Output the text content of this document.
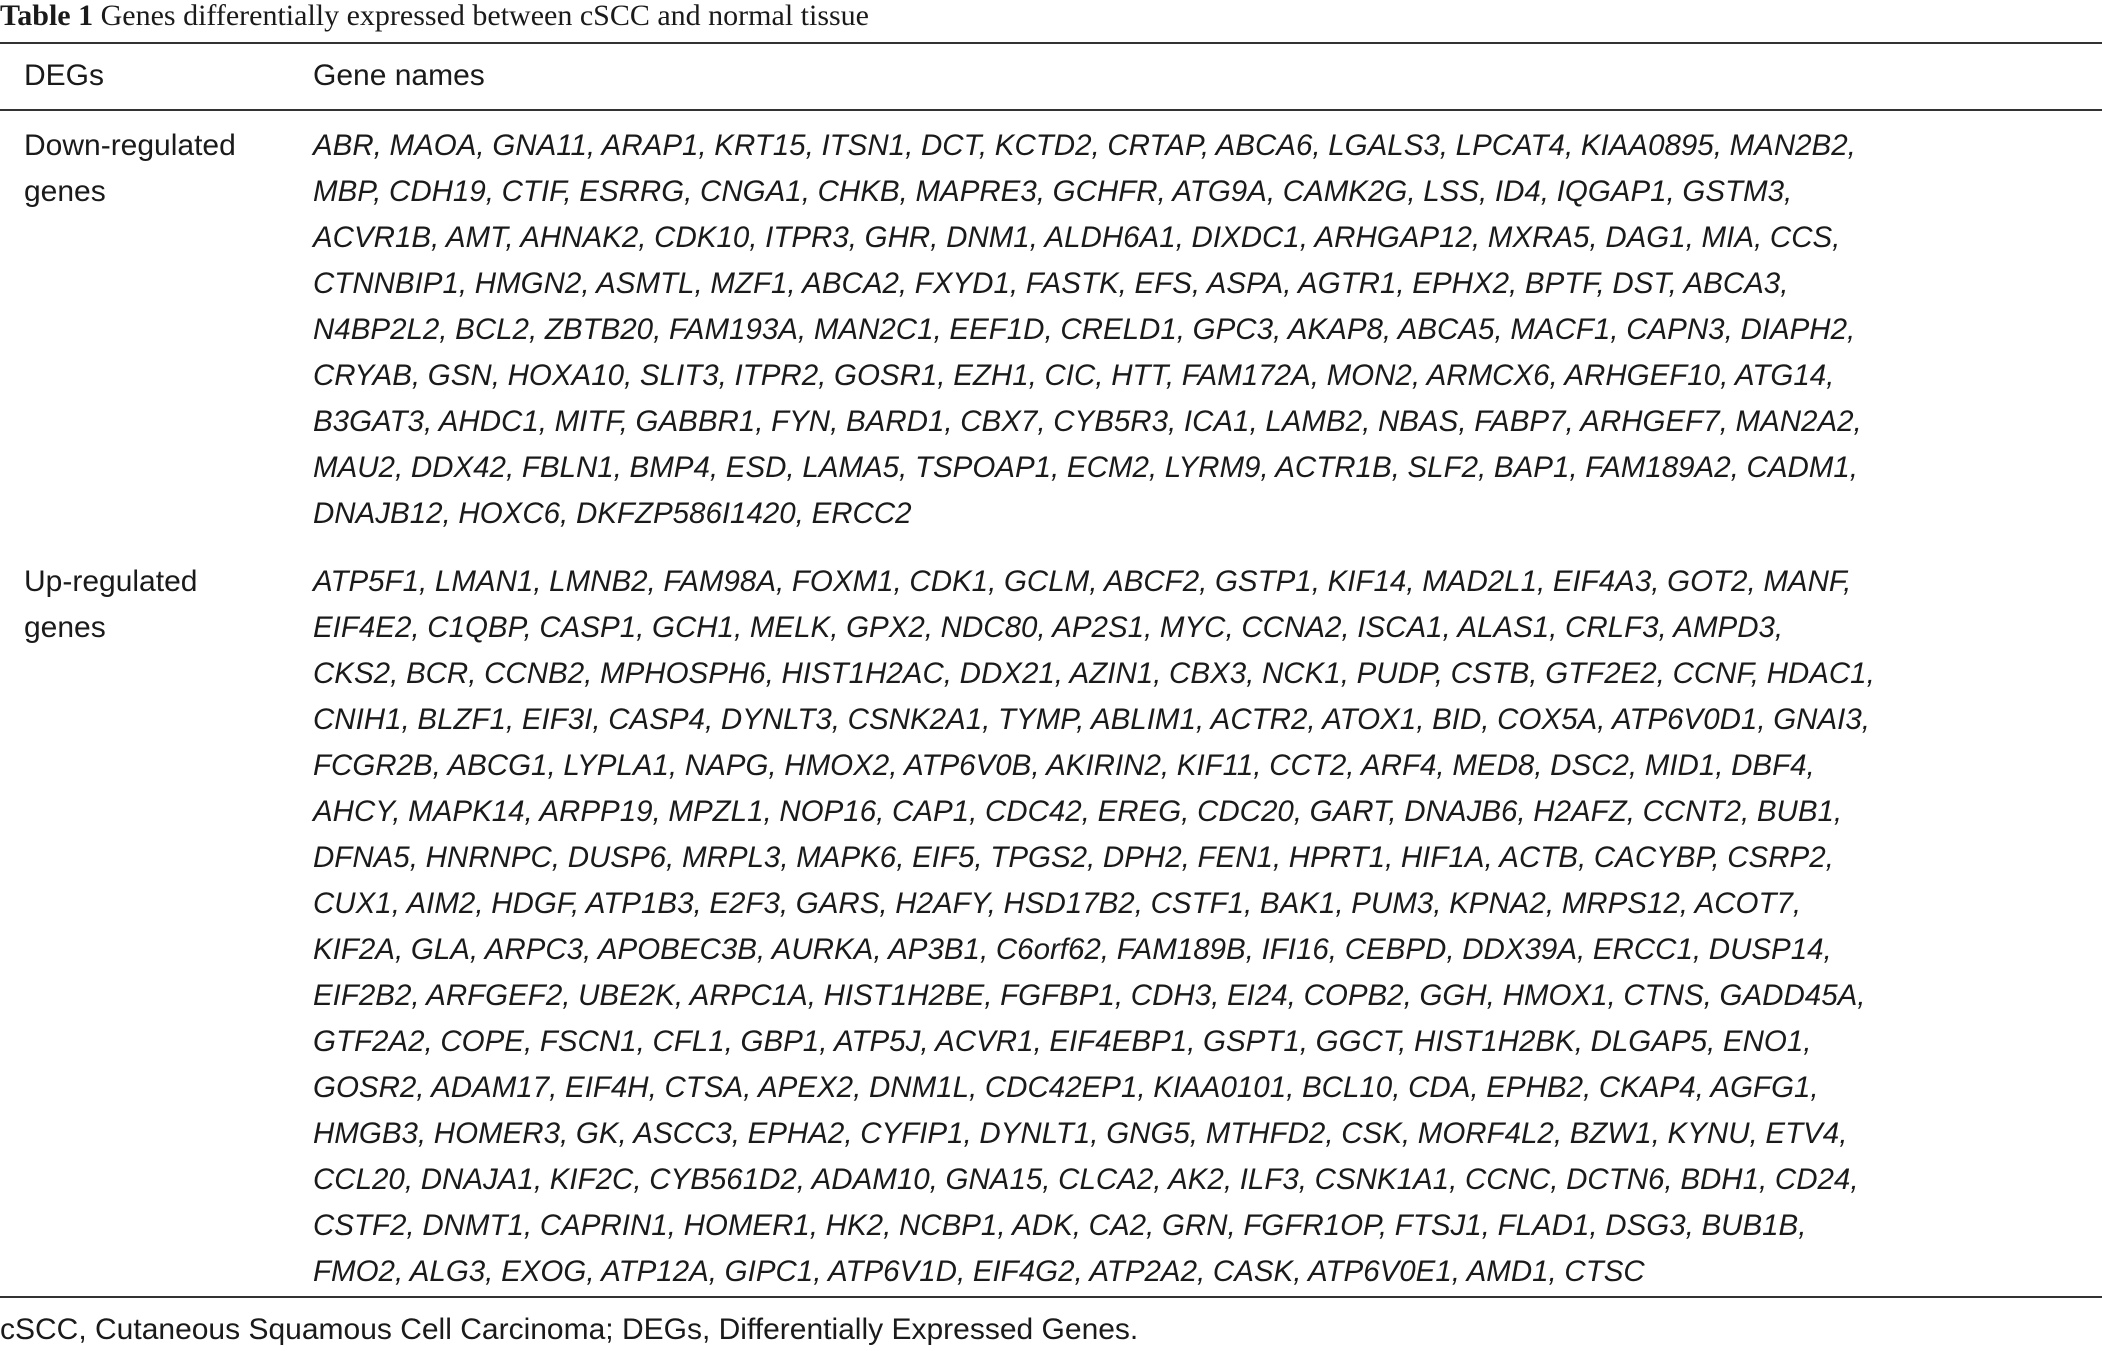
Table 1 Genes differentially expressed between cSCC and normal tissue
DEGs	Gene names
Down-regulated
genes
ABR, MAOA, GNA11, ARAP1, KRT15, ITSN1, DCT, KCTD2, CRTAP, ABCA6, LGALS3, LPCAT4, KIAA0895, MAN2B2,
MBP, CDH19, CTIF, ESRRG, CNGA1, CHKB, MAPRE3, GCHFR, ATG9A, CAMK2G, LSS, ID4, IQGAP1, GSTM3,
ACVR1B, AMT, AHNAK2, CDK10, ITPR3, GHR, DNM1, ALDH6A1, DIXDC1, ARHGAP12, MXRA5, DAG1, MIA, CCS,
CTNNBIP1, HMGN2, ASMTL, MZF1, ABCA2, FXYD1, FASTK, EFS, ASPA, AGTR1, EPHX2, BPTF, DST, ABCA3,
N4BP2L2, BCL2, ZBTB20, FAM193A, MAN2C1, EEF1D, CRELD1, GPC3, AKAP8, ABCA5, MACF1, CAPN3, DIAPH2,
CRYAB, GSN, HOXA10, SLIT3, ITPR2, GOSR1, EZH1, CIC, HTT, FAM172A, MON2, ARMCX6, ARHGEF10, ATG14,
B3GAT3, AHDC1, MITF, GABBR1, FYN, BARD1, CBX7, CYB5R3, ICA1, LAMB2, NBAS, FABP7, ARHGEF7, MAN2A2,
MAU2, DDX42, FBLN1, BMP4, ESD, LAMA5, TSPOAP1, ECM2, LYRM9, ACTR1B, SLF2, BAP1, FAM189A2, CADM1,
DNAJB12, HOXC6, DKFZP586I1420, ERCC2
Up-regulated
genes
ATP5F1, LMAN1, LMNB2, FAM98A, FOXM1, CDK1, GCLM, ABCF2, GSTP1, KIF14, MAD2L1, EIF4A3, GOT2, MANF,
EIF4E2, C1QBP, CASP1, GCH1, MELK, GPX2, NDC80, AP2S1, MYC, CCNA2, ISCA1, ALAS1, CRLF3, AMPD3,
CKS2, BCR, CCNB2, MPHOSPH6, HIST1H2AC, DDX21, AZIN1, CBX3, NCK1, PUDP, CSTB, GTF2E2, CCNF, HDAC1,
CNIH1, BLZF1, EIF3I, CASP4, DYNLT3, CSNK2A1, TYMP, ABLIM1, ACTR2, ATOX1, BID, COX5A, ATP6V0D1, GNAI3,
FCGR2B, ABCG1, LYPLA1, NAPG, HMOX2, ATP6V0B, AKIRIN2, KIF11, CCT2, ARF4, MED8, DSC2, MID1, DBF4,
AHCY, MAPK14, ARPP19, MPZL1, NOP16, CAP1, CDC42, EREG, CDC20, GART, DNAJB6, H2AFZ, CCNT2, BUB1,
DFNA5, HNRNPC, DUSP6, MRPL3, MAPK6, EIF5, TPGS2, DPH2, FEN1, HPRT1, HIF1A, ACTB, CACYBP, CSRP2,
CUX1, AIM2, HDGF, ATP1B3, E2F3, GARS, H2AFY, HSD17B2, CSTF1, BAK1, PUM3, KPNA2, MRPS12, ACOT7,
KIF2A, GLA, ARPC3, APOBEC3B, AURKA, AP3B1, C6orf62, FAM189B, IFI16, CEBPD, DDX39A, ERCC1, DUSP14,
EIF2B2, ARFGEF2, UBE2K, ARPC1A, HIST1H2BE, FGFBP1, CDH3, EI24, COPB2, GGH, HMOX1, CTNS, GADD45A,
GTF2A2, COPE, FSCN1, CFL1, GBP1, ATP5J, ACVR1, EIF4EBP1, GSPT1, GGCT, HIST1H2BK, DLGAP5, ENO1,
GOSR2, ADAM17, EIF4H, CTSA, APEX2, DNM1L, CDC42EP1, KIAA0101, BCL10, CDA, EPHB2, CKAP4, AGFG1,
HMGB3, HOMER3, GK, ASCC3, EPHA2, CYFIP1, DYNLT1, GNG5, MTHFD2, CSK, MORF4L2, BZW1, KYNU, ETV4,
CCL20, DNAJA1, KIF2C, CYB561D2, ADAM10, GNA15, CLCA2, AK2, ILF3, CSNK1A1, CCNC, DCTN6, BDH1, CD24,
CSTF2, DNMT1, CAPRIN1, HOMER1, HK2, NCBP1, ADK, CA2, GRN, FGFR1OP, FTSJ1, FLAD1, DSG3, BUB1B,
FMO2, ALG3, EXOG, ATP12A, GIPC1, ATP6V1D, EIF4G2, ATP2A2, CASK, ATP6V0E1, AMD1, CTSC
cSCC, Cutaneous Squamous Cell Carcinoma; DEGs, Differentially Expressed Genes.
